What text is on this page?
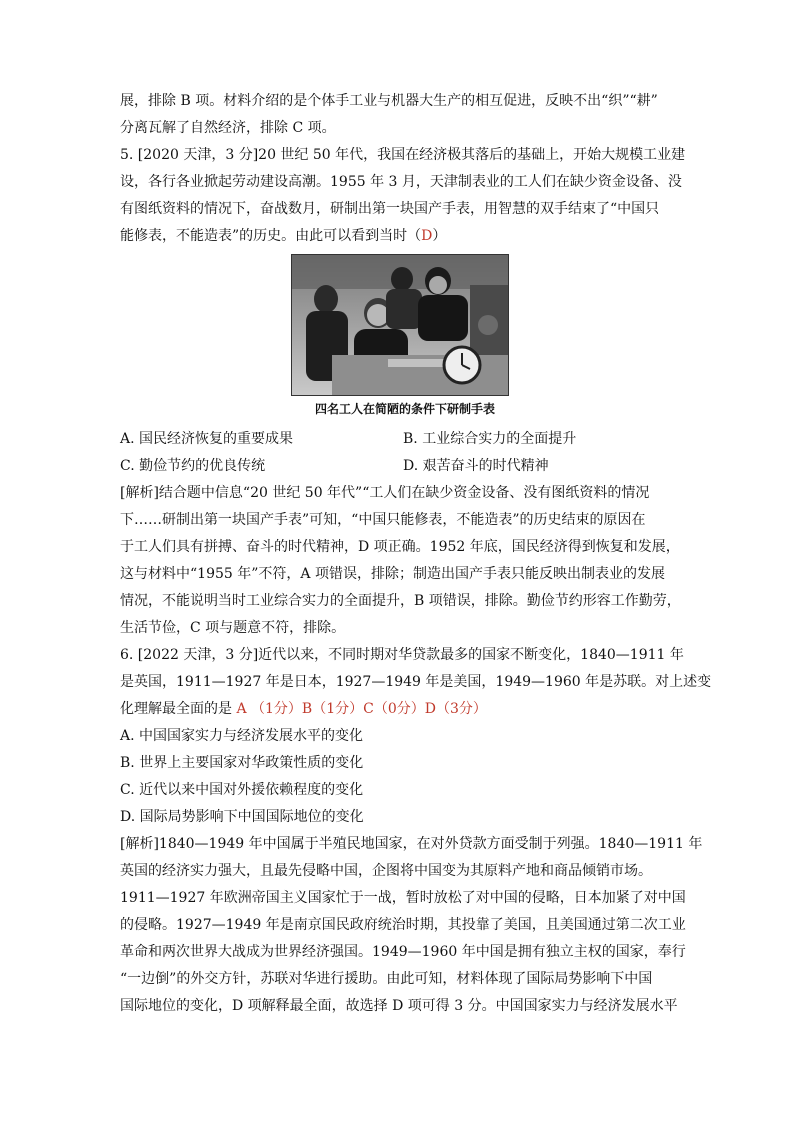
展，排除 B 项。材料介绍的是个体手工业与机器大生产的相互促进，反映不出“织”“耕”
分离瓦解了自然经济，排除 C 项。
5. [2020 天津，3 分]20 世纪 50 年代，我国在经济极其落后的基础上，开始大规模工业建
设，各行各业掀起劳动建设高潮。1955 年 3 月，天津制表业的工人们在缺少资金设备、没
有图纸资料的情况下，奋战数月，研制出第一块国产手表，用智慧的双手结束了“中国只
能修表，不能造表”的历史。由此可以看到当时（D）
四名工人在简陋的条件下研制手表
A. 国民经济恢复的重要成果	B. 工业综合实力的全面提升
C. 勤俭节约的优良传统	D. 艰苦奋斗的时代精神
[解析]结合题中信息“20 世纪 50 年代”“工人们在缺少资金设备、没有图纸资料的情况
下……研制出第一块国产手表”可知，“中国只能修表，不能造表”的历史结束的原因在
于工人们具有拼搏、奋斗的时代精神，D 项正确。1952 年底，国民经济得到恢复和发展，
这与材料中“1955 年”不符，A 项错误，排除；制造出国产手表只能反映出制表业的发展
情况，不能说明当时工业综合实力的全面提升，B 项错误，排除。勤俭节约形容工作勤劳，
生活节俭，C 项与题意不符，排除。
6. [2022 天津，3 分]近代以来，不同时期对华贷款最多的国家不断变化，1840—1911 年
是英国，1911—1927 年是日本，1927—1949 年是美国，1949—1960 年是苏联。对上述变
化理解最全面的是 A （1分）B（1分）C（0分）D（3分）
A. 中国国家实力与经济发展水平的变化
B. 世界上主要国家对华政策性质的变化
C. 近代以来中国对外援依赖程度的变化
D. 国际局势影响下中国国际地位的变化
[解析]1840—1949 年中国属于半殖民地国家，在对外贷款方面受制于列强。1840—1911 年
英国的经济实力强大，且最先侵略中国，企图将中国变为其原料产地和商品倾销市场。
1911—1927 年欧洲帝国主义国家忙于一战，暂时放松了对中国的侵略，日本加紧了对中国
的侵略。1927—1949 年是南京国民政府统治时期，其投靠了美国，且美国通过第二次工业
革命和两次世界大战成为世界经济强国。1949—1960 年中国是拥有独立主权的国家，奉行
“一边倒”的外交方针，苏联对华进行援助。由此可知，材料体现了国际局势影响下中国
国际地位的变化，D 项解释最全面，故选择 D 项可得 3 分。中国国家实力与经济发展水平
